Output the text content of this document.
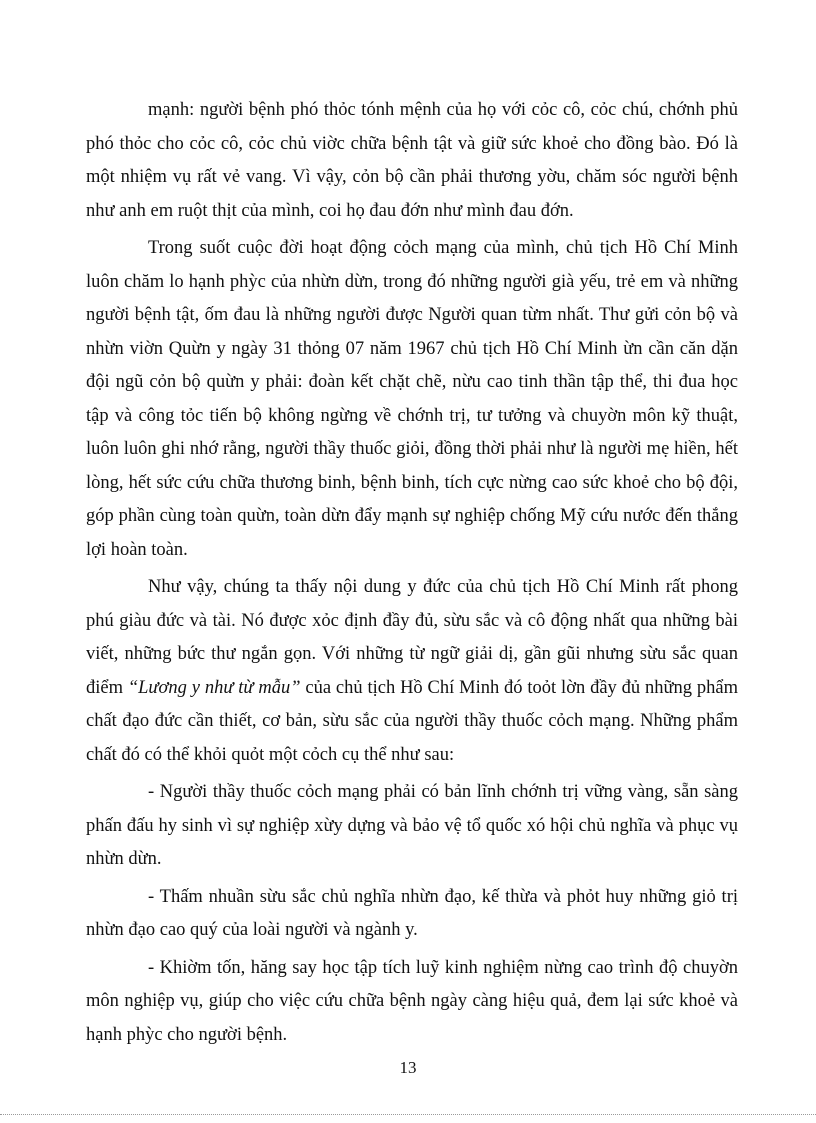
mạnh: người bệnh phó thỏc tónh mệnh của họ với cỏc cô, cỏc chú, chớnh phủ phó thỏc cho cỏc cô, cỏc chủ viờc chữa bệnh tật và giữ sức khoẻ cho đồng bào. Đó là một nhiệm vụ rất vẻ vang. Vì vậy, cỏn bộ cần phải thương yờu, chăm sóc người bệnh như anh em ruột thịt của mình, coi họ đau đớn như mình đau đớn.

Trong suốt cuộc đời hoạt động cỏch mạng của mình, chủ tịch Hồ Chí Minh luôn chăm lo hạnh phỳc của nhừn dừn, trong đó những người già yếu, trẻ em và những người bệnh tật, ốm đau là những người được Người quan từm nhất. Thư gửi cỏn bộ và nhừn viờn Quừn y ngày 31 thỏng 07 năm 1967 chủ tịch Hồ Chí Minh ừn cần căn dặn đội ngũ cỏn bộ quừn y phải: đoàn kết chặt chẽ, nừu cao tinh thần tập thể, thi đua học tập và công tỏc tiến bộ không ngừng về chớnh trị, tư tưởng và chuyờn môn kỹ thuật, luôn luôn ghi nhớ rằng, người thầy thuốc giỏi, đồng thời phải như là người mẹ hiền, hết lòng, hết sức cứu chữa thương binh, bệnh binh, tích cực nừng cao sức khoẻ cho bộ đội, góp phần cùng toàn quừn, toàn dừn đẩy mạnh sự nghiệp chống Mỹ cứu nước đến thắng lợi hoàn toàn.

Như vậy, chúng ta thấy nội dung y đức của chủ tịch Hồ Chí Minh rất phong phú giàu đức và tài. Nó được xỏc định đầy đủ, sừu sắc và cô động nhất qua những bài viết, những bức thư ngắn gọn. Với những từ ngữ giải dị, gần gũi nhưng sừu sắc quan điểm “Lương y như từ mẫu” của chủ tịch Hồ Chí Minh đó toỏt lờn đầy đủ những phẩm chất đạo đức cần thiết, cơ bản, sừu sắc của người thầy thuốc cỏch mạng. Những phẩm chất đó có thể khỏi quỏt một cỏch cụ thể như sau:

- Người thầy thuốc cỏch mạng phải có bản lĩnh chớnh trị vững vàng, sẵn sàng phấn đấu hy sinh vì sự nghiệp xừy dựng và bảo vệ tổ quốc xó hội chủ nghĩa và phục vụ nhừn dừn.

- Thấm nhuần sừu sắc chủ nghĩa nhừn đạo, kế thừa và phỏt huy những giỏ trị nhừn đạo cao quý của loài người và ngành y.

- Khiờm tốn, hăng say học tập tích luỹ kinh nghiệm nừng cao trình độ chuyờn môn nghiệp vụ, giúp cho việc cứu chữa bệnh ngày càng hiệu quả, đem lại sức khoẻ và hạnh phỳc cho người bệnh.

13
